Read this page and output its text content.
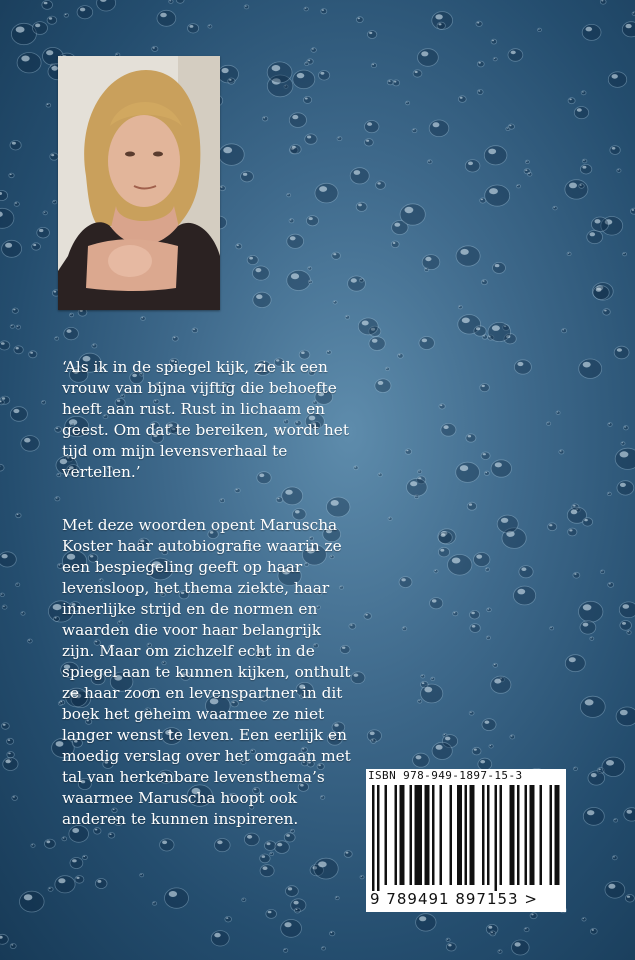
‘Als ik in de spiegel kijk, zie ik een vrouw van bijna vijftig die behoefte heeft aan rust. Rust in lichaam en geest. Om dat te bereiken, wordt het tijd om mijn levensverhaal te vertellen.’
Met deze woorden opent Maruscha Koster haar autobiografie waarin ze een bespiegeling geeft op haar levensloop, het thema ziekte, haar innerlijke strijd en de normen en waarden die voor haar belangrijk zijn. Maar om zichzelf echt in de spiegel aan te kunnen kijken, onthult ze haar zoon en levenspartner in dit boek het geheim waarmee ze niet langer wenst te leven. Een eerlijk en moedig verslag over het omgaan met tal van herkenbare levensthema’s waarmee Maruscha hoopt ook anderen te kunnen inspireren.
ISBN 978-949-1897-15-3
9 789491 897153 >
